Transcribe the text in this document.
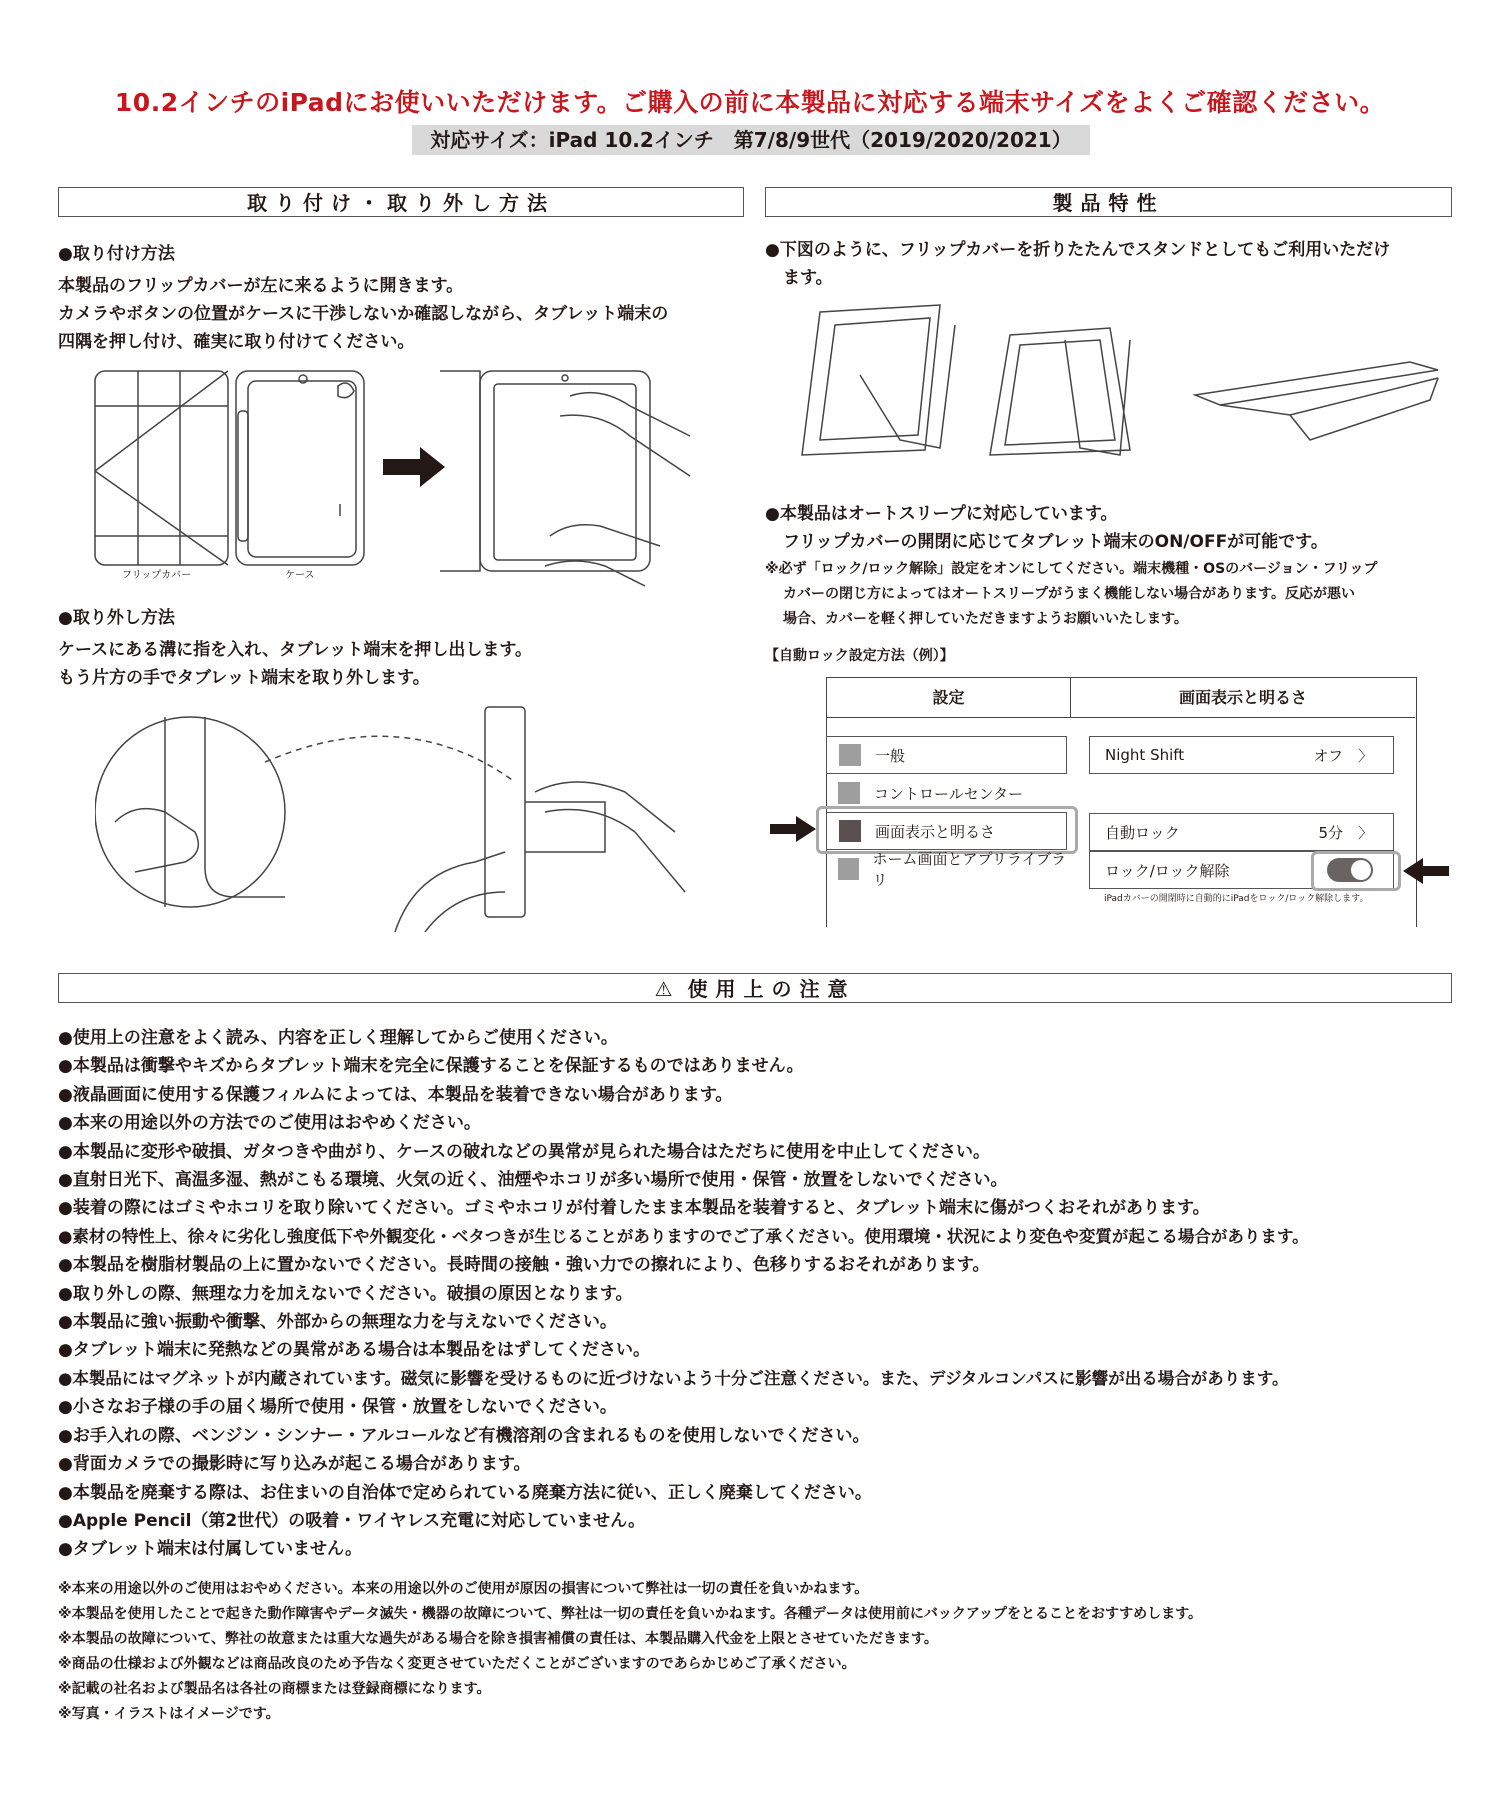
10.2インチのiPadにお使いいただけます。ご購入の前に本製品に対応する端末サイズをよくご確認ください。
対応サイズ：iPad 10.2インチ　第7/8/9世代（2019/2020/2021）
取り付け・取り外し方法	製品特性
●取り付け方法
本製品のフリップカバーが左に来るように開きます。
カメラやボタンの位置がケースに干渉しないか確認しながら、タブレット端末の
四隅を押し付け、確実に取り付けてください。
フリップカバー	ケース
●取り外し方法
ケースにある溝に指を入れ、タブレット端末を押し出します。
もう片方の手でタブレット端末を取り外します。
●下図のように、フリップカバーを折りたたんでスタンドとしてもご利用いただけ
ます。
●本製品はオートスリープに対応しています。
フリップカバーの開閉に応じてタブレット端末のON/OFFが可能です。
※必ず「ロック/ロック解除」設定をオンにしてください。端末機種・OSのバージョン・フリップ
カバーの閉じ方によってはオートスリープがうまく機能しない場合があります。反応が悪い
場合、カバーを軽く押していただきますようお願いいたします。
【自動ロック設定方法（例）】
設定	画面表示と明るさ
一般
コントロールセンター
画面表示と明るさ
ホーム画面とアプリライブラリ
Night Shift	オフ　〉
自動ロック	5分　〉
ロック/ロック解除
iPadカバーの開閉時に自動的にiPadをロック/ロック解除します。
⚠ 使用上の注意
●使用上の注意をよく読み、内容を正しく理解してからご使用ください。
●本製品は衝撃やキズからタブレット端末を完全に保護することを保証するものではありません。
●液晶画面に使用する保護フィルムによっては、本製品を装着できない場合があります。
●本来の用途以外の方法でのご使用はおやめください。
●本製品に変形や破損、ガタつきや曲がり、ケースの破れなどの異常が見られた場合はただちに使用を中止してください。
●直射日光下、高温多湿、熱がこもる環境、火気の近く、油煙やホコリが多い場所で使用・保管・放置をしないでください。
●装着の際にはゴミやホコリを取り除いてください。ゴミやホコリが付着したまま本製品を装着すると、タブレット端末に傷がつくおそれがあります。
●素材の特性上、徐々に劣化し強度低下や外観変化・ベタつきが生じることがありますのでご了承ください。使用環境・状況により変色や変質が起こる場合があります。
●本製品を樹脂材製品の上に置かないでください。長時間の接触・強い力での擦れにより、色移りするおそれがあります。
●取り外しの際、無理な力を加えないでください。破損の原因となります。
●本製品に強い振動や衝撃、外部からの無理な力を与えないでください。
●タブレット端末に発熱などの異常がある場合は本製品をはずしてください。
●本製品にはマグネットが内蔵されています。磁気に影響を受けるものに近づけないよう十分ご注意ください。また、デジタルコンパスに影響が出る場合があります。
●小さなお子様の手の届く場所で使用・保管・放置をしないでください。
●お手入れの際、ベンジン・シンナー・アルコールなど有機溶剤の含まれるものを使用しないでください。
●背面カメラでの撮影時に写り込みが起こる場合があります。
●本製品を廃棄する際は、お住まいの自治体で定められている廃棄方法に従い、正しく廃棄してください。
●Apple Pencil（第2世代）の吸着・ワイヤレス充電に対応していません。
●タブレット端末は付属していません。
※本来の用途以外のご使用はおやめください。本来の用途以外のご使用が原因の損害について弊社は一切の責任を負いかねます。
※本製品を使用したことで起きた動作障害やデータ滅失・機器の故障について、弊社は一切の責任を負いかねます。各種データは使用前にバックアップをとることをおすすめします。
※本製品の故障について、弊社の故意または重大な過失がある場合を除き損害補償の責任は、本製品購入代金を上限とさせていただきます。
※商品の仕様および外観などは商品改良のため予告なく変更させていただくことがございますのであらかじめご了承ください。
※記載の社名および製品名は各社の商標または登録商標になります。
※写真・イラストはイメージです。
